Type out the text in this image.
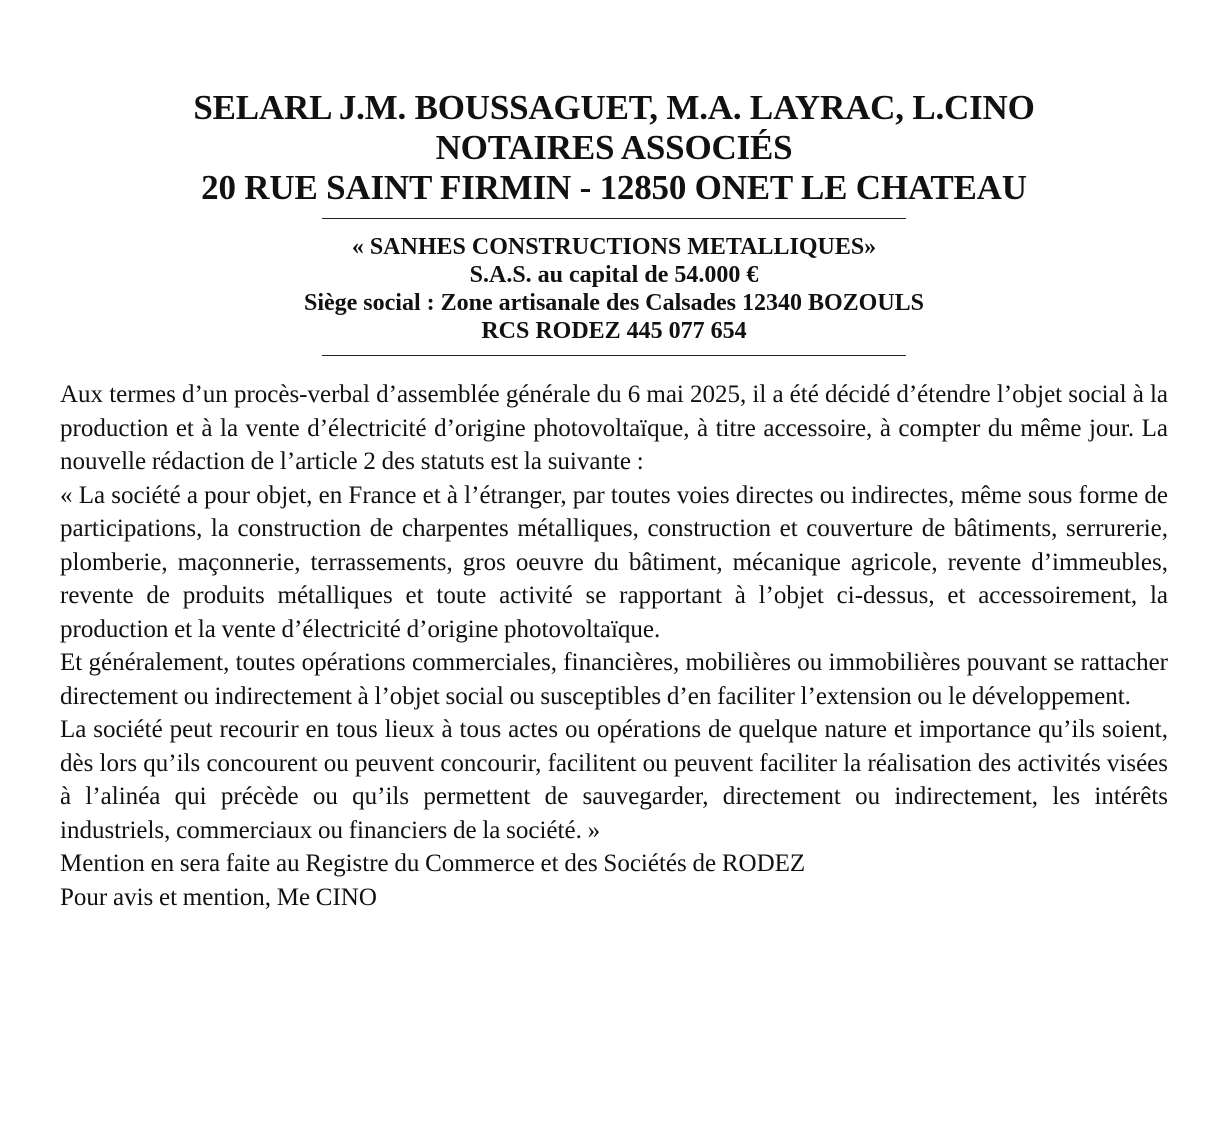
SELARL J.M. BOUSSAGUET, M.A. LAYRAC, L.CINO
NOTAIRES ASSOCIÉS
20 RUE SAINT FIRMIN - 12850 ONET LE CHATEAU
« SANHES CONSTRUCTIONS METALLIQUES»
S.A.S. au capital de 54.000 €
Siège social : Zone artisanale des Calsades 12340 BOZOULS
RCS RODEZ 445 077 654

Aux termes d’un procès-verbal d’assemblée générale du 6 mai 2025, il a été décidé d’étendre l’objet social à la production et à la vente d’électricité d’origine photovoltaïque, à titre accessoire, à compter du même jour. La nouvelle rédaction de l’article 2 des statuts est la suivante :

« La société a pour objet, en France et à l’étranger, par toutes voies directes ou indirectes, même sous forme de participations, la construction de charpentes métalliques, construction et couverture de bâtiments, serrurerie, plomberie, maçonnerie, terrassements, gros oeuvre du bâtiment, mécanique agricole, revente d’immeubles, revente de produits métalliques et toute activité se rapportant à l’objet ci-dessus, et accessoirement, la production et la vente d’électricité d’origine photovoltaïque.

Et généralement, toutes opérations commerciales, financières, mobilières ou immobilières pouvant se rattacher directement ou indirectement à l’objet social ou susceptibles d’en faciliter l’extension ou le développement.

La société peut recourir en tous lieux à tous actes ou opérations de quelque nature et importance qu’ils soient, dès lors qu’ils concourent ou peuvent concourir, facilitent ou peuvent faciliter la réalisation des activités visées à l’alinéa qui précède ou qu’ils permettent de sauvegarder, directement ou indirectement, les intérêts industriels, commerciaux ou financiers de la société. »

Mention en sera faite au Registre du Commerce et des Sociétés de RODEZ

Pour avis et mention, Me CINO
